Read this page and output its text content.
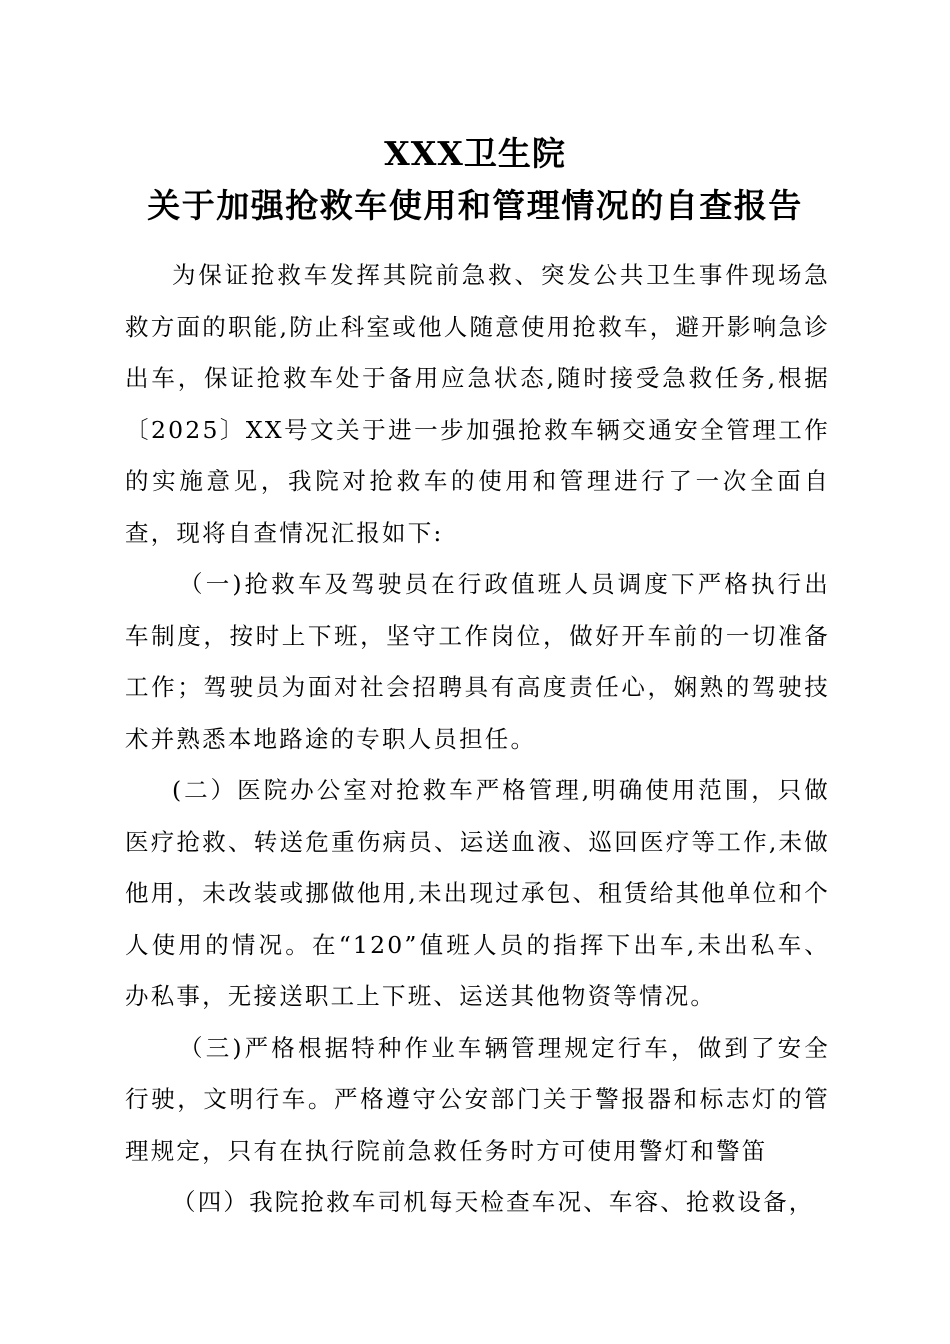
XXX卫生院
关于加强抢救车使用和管理情况的自查报告

为保证抢救车发挥其院前急救、突发公共卫生事件现场急救方面的职能,防止科室或他人随意使用抢救车，避开影响急诊出车，保证抢救车处于备用应急状态,随时接受急救任务,根据〔2025〕XX号文关于进一步加强抢救车辆交通安全管理工作的实施意见，我院对抢救车的使用和管理进行了一次全面自查，现将自查情况汇报如下:

（一)抢救车及驾驶员在行政值班人员调度下严格执行出车制度，按时上下班，坚守工作岗位，做好开车前的一切准备工作；驾驶员为面对社会招聘具有高度责任心，娴熟的驾驶技术并熟悉本地路途的专职人员担任。

(二）医院办公室对抢救车严格管理,明确使用范围，只做医疗抢救、转送危重伤病员、运送血液、巡回医疗等工作,未做他用，未改装或挪做他用,未出现过承包、租赁给其他单位和个人使用的情况。在“120”值班人员的指挥下出车,未出私车、办私事，无接送职工上下班、运送其他物资等情况。

（三)严格根据特种作业车辆管理规定行车，做到了安全行驶，文明行车。严格遵守公安部门关于警报器和标志灯的管理规定，只有在执行院前急救任务时方可使用警灯和警笛

（四）我院抢救车司机每天检查车况、车容、抢救设备，
